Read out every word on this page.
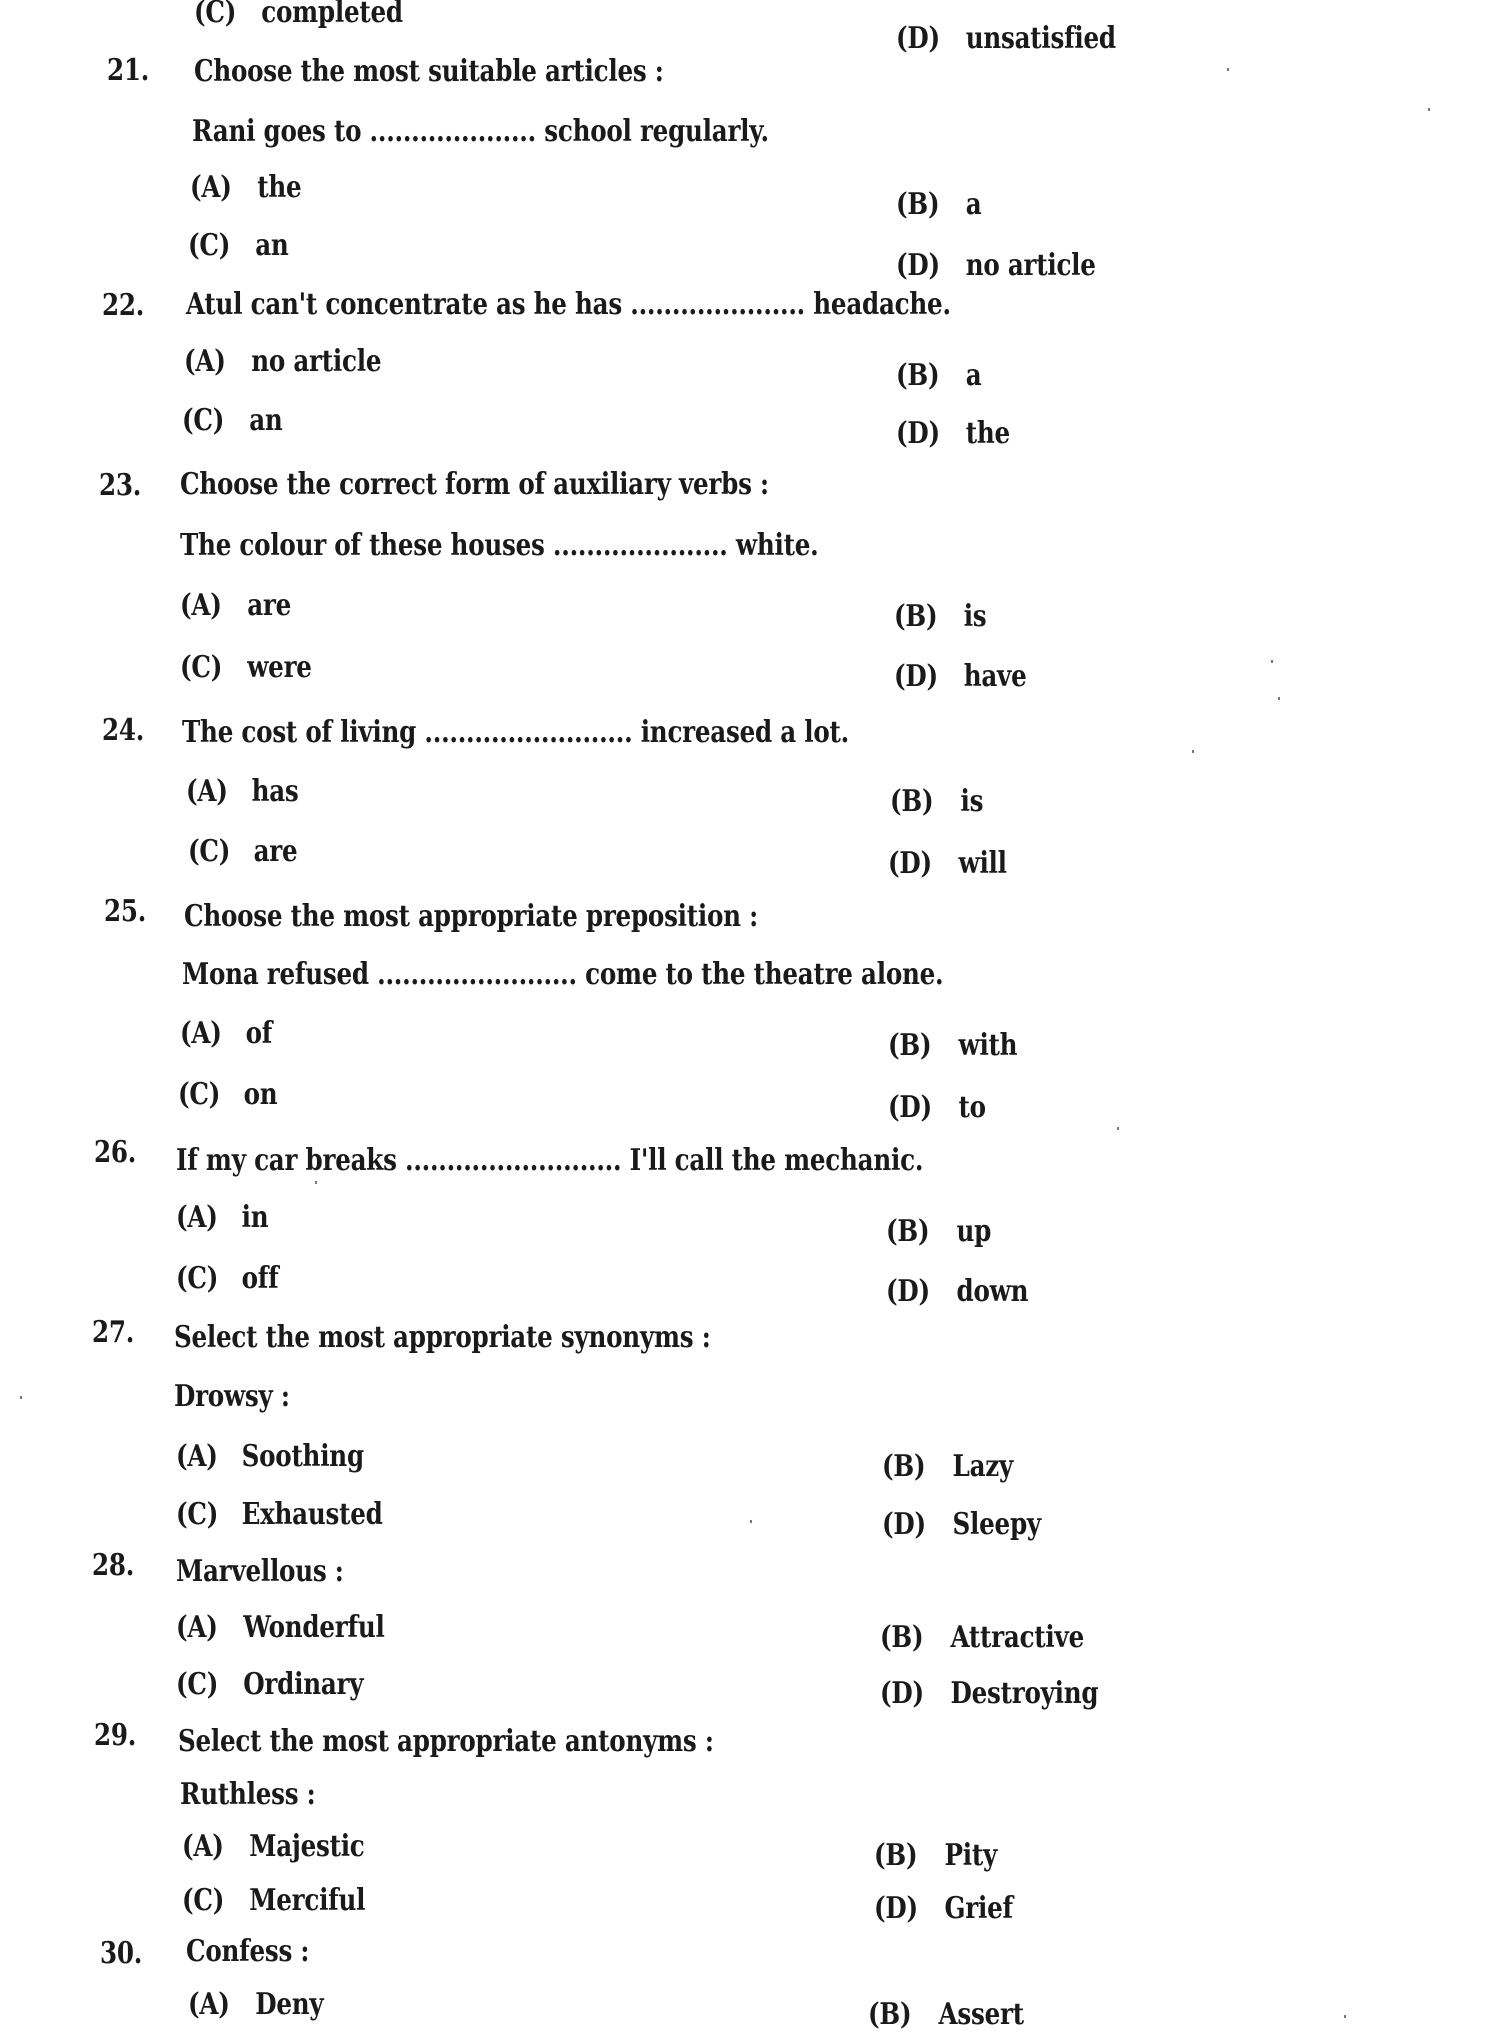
(C) completed
(D) unsatisfied
21. Choose the most suitable articles :
Rani goes to .................... school regularly.
(A) the	(B) a
(C) an
(D) no article
22. Atul can't concentrate as he has ..................... headache.
(A) no article	(B) a
(C) an	(D) the
23. Choose the correct form of auxiliary verbs :
The colour of these houses ..................... white.
(A) are	(B) is
(C) were	(D) have
24. The cost of living ......................... increased a lot.
(A) has	(B) is
(C) are	(D) will
25. Choose the most appropriate preposition :
Mona refused ........................ come to the theatre alone.
(A) of	(B) with
(C) on	(D) to
26. If my car breaks .......................... I'll call the mechanic.
(A) in	(B) up
(C) off	(D) down
27. Select the most appropriate synonyms :
Drowsy :
(A) Soothing	(B) Lazy
(C) Exhausted	(D) Sleepy
28. Marvellous :
(A) Wonderful	(B) Attractive
(C) Ordinary	(D) Destroying
29. Select the most appropriate antonyms :
Ruthless :
(A) Majestic	(B) Pity
(C) Merciful	(D) Grief
30. Confess :
(A) Deny	(B) Assert
